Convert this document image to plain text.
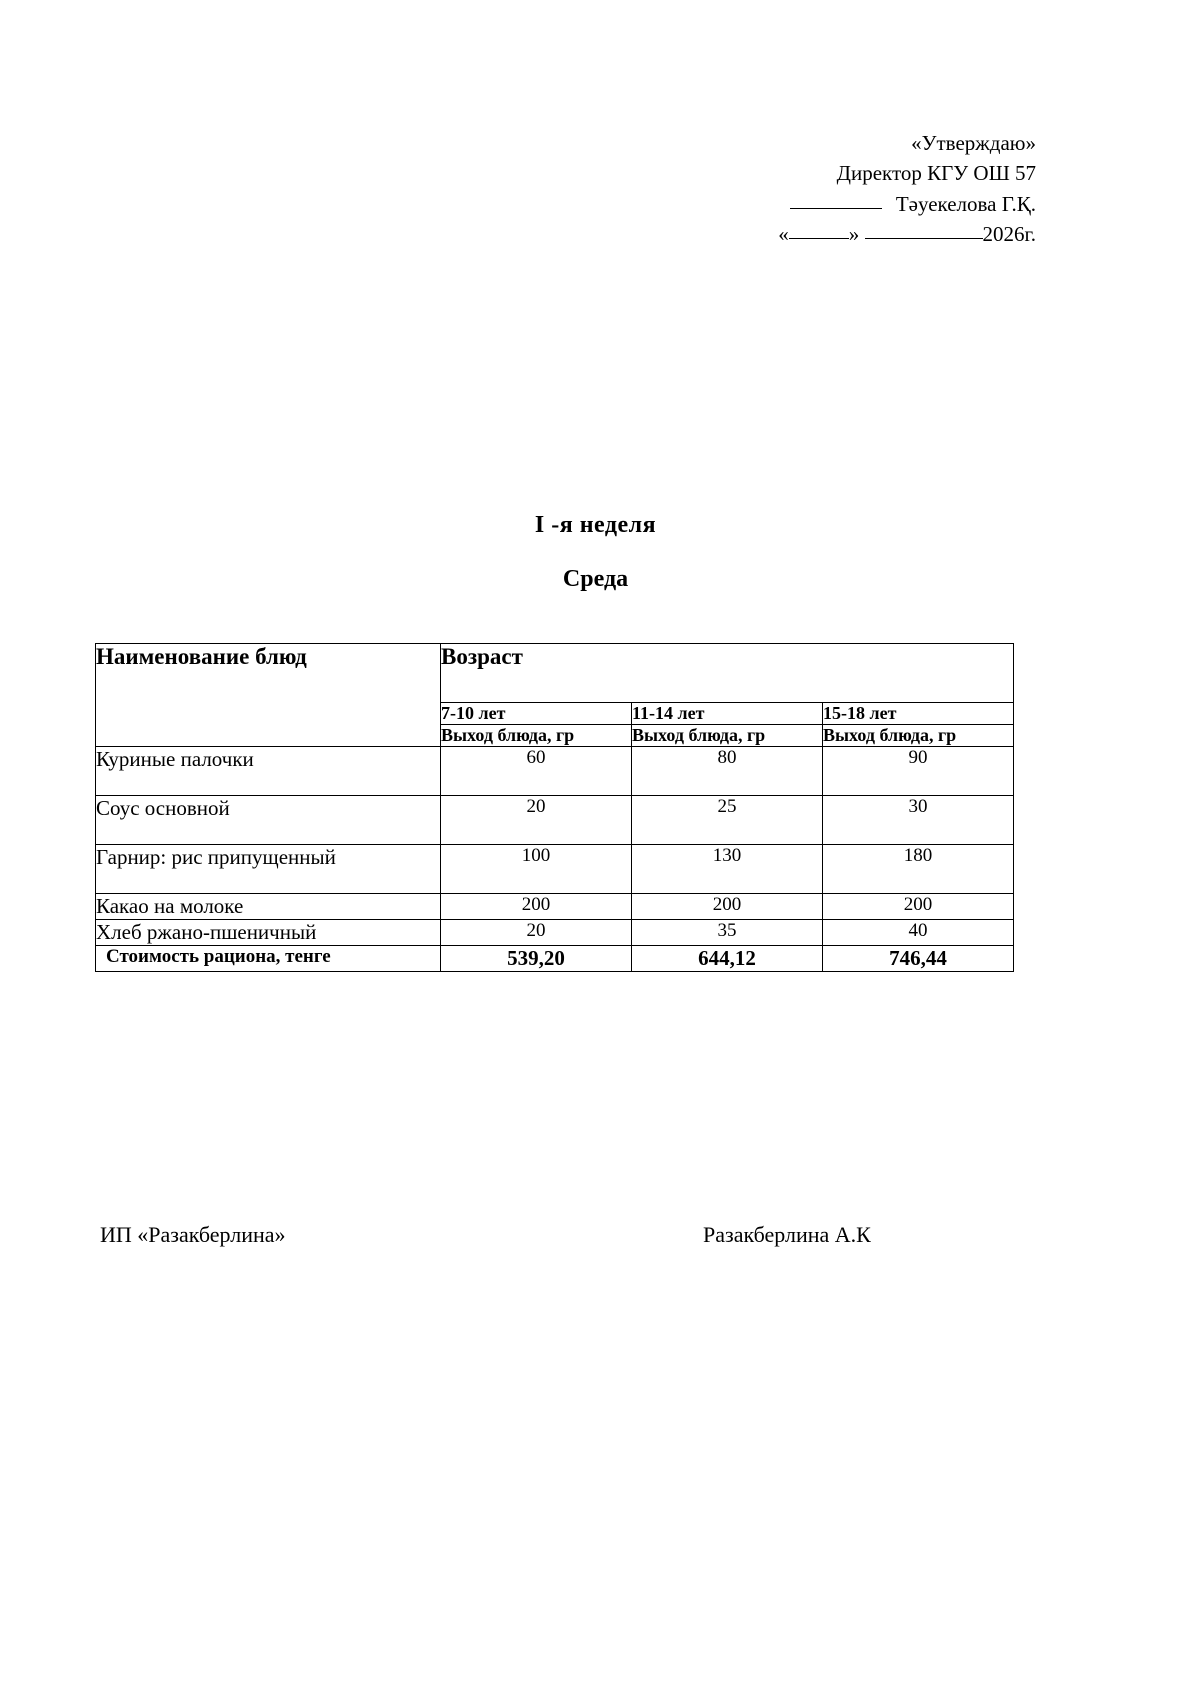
«Утверждаю»
Директор КГУ ОШ 57
Тәуекелова Г.Қ.
«	»	2026г.
I -я неделя
Среда
Наименование блюд	Возраст		
	7-10 лет	11-14 лет	15-18 лет
	Выход блюда, гр	Выход блюда, гр	Выход блюда, гр
Куриные палочки	60	80	90
Соус основной	20	25	30
Гарнир: рис припущенный	100	130	180
Какао на молоке	200	200	200
Хлеб ржано-пшеничный	20	35	40
Стоимость рациона, тенге	539,20	644,12	746,44
ИП «Разакберлина»	Разакберлина А.К
